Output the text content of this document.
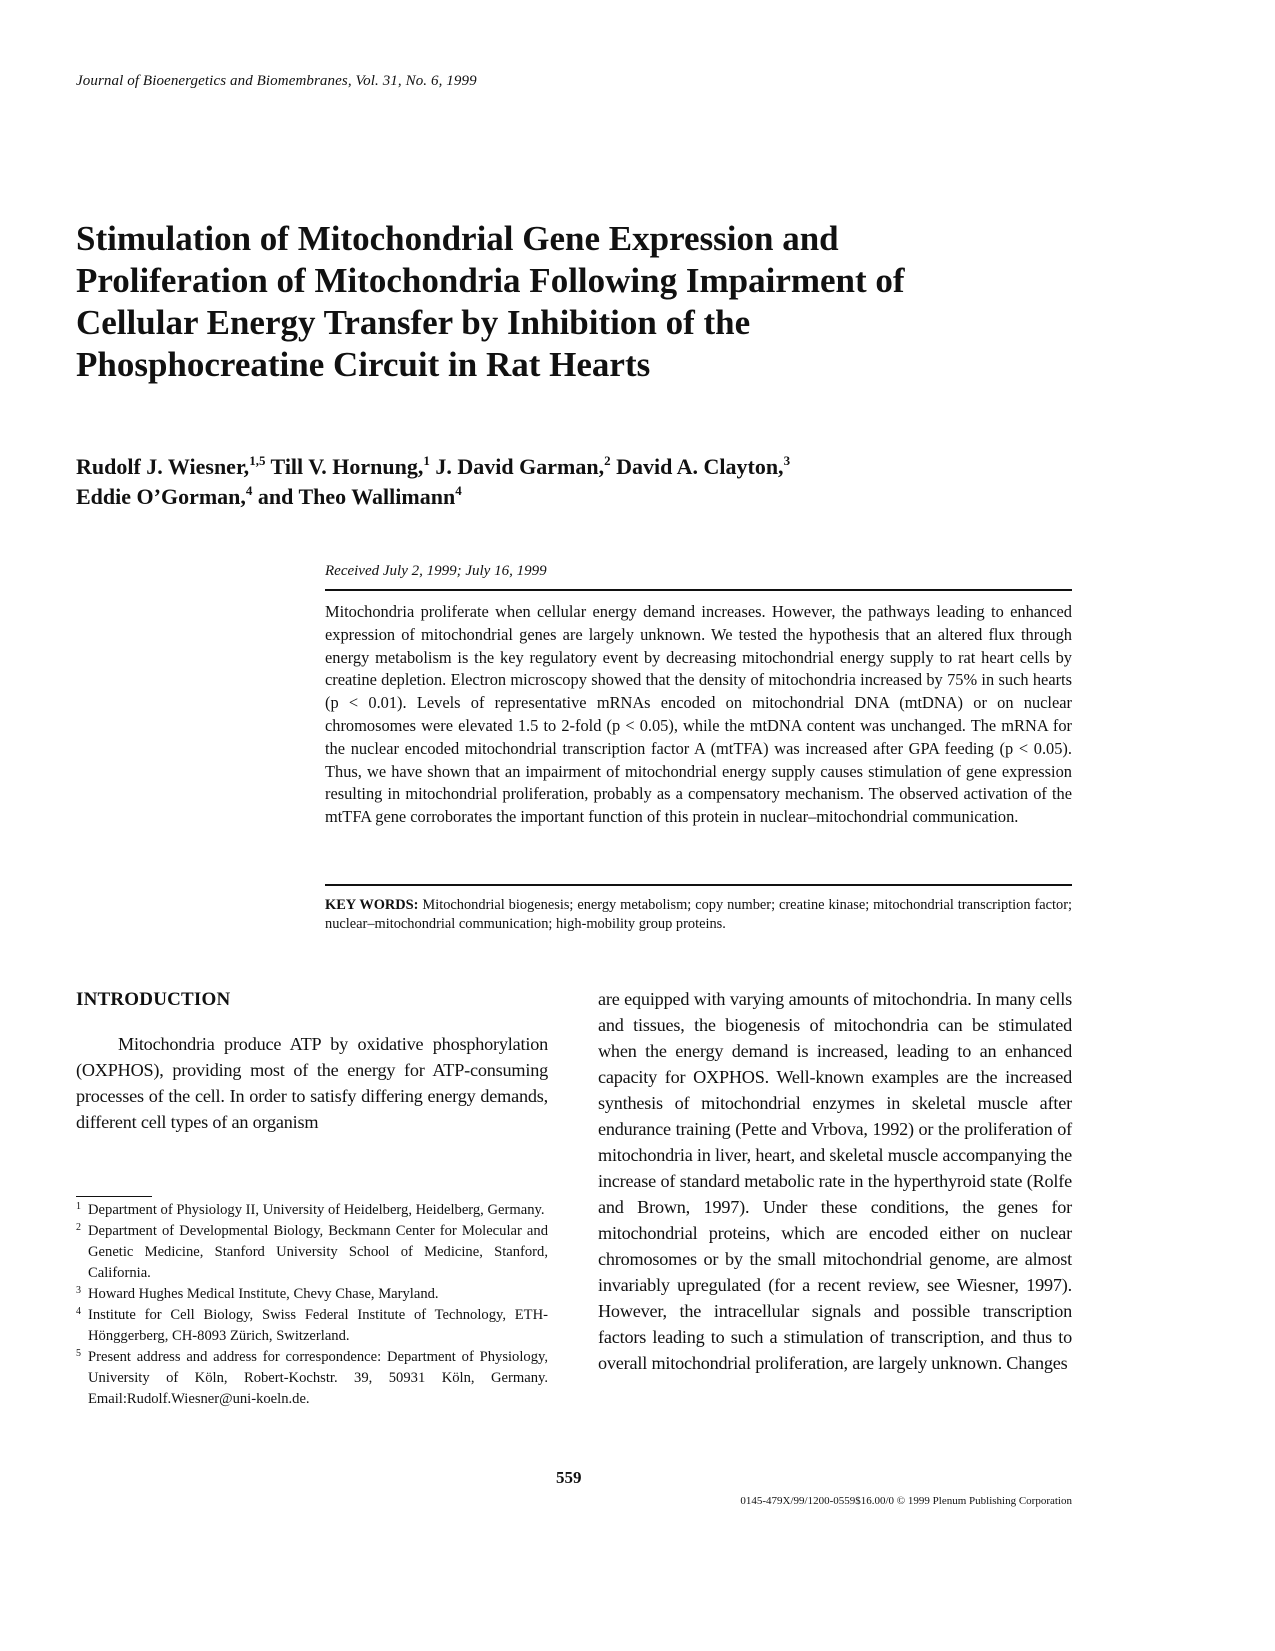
Journal of Bioenergetics and Biomembranes, Vol. 31, No. 6, 1999
Stimulation of Mitochondrial Gene Expression and
Proliferation of Mitochondria Following Impairment of
Cellular Energy Transfer by Inhibition of the
Phosphocreatine Circuit in Rat Hearts
Rudolf J. Wiesner,$^{1,5}$ Till V. Hornung,$^1$ J. David Garman,$^2$ David A. Clayton,$^3$
Eddie O’Gorman,$^4$ and Theo Wallimann$^4$
Received July 2, 1999; July 16, 1999

Mitochondria proliferate when cellular energy demand increases. However, the pathways leading to enhanced expression of mitochondrial genes are largely unknown. We tested the hypothesis that an altered flux through energy metabolism is the key regulatory event by decreasing mitochondrial energy supply to rat heart cells by creatine depletion. Electron microscopy showed that the density of mitochondria increased by 75% in such hearts (p < 0.01). Levels of representative mRNAs encoded on mitochondrial DNA (mtDNA) or on nuclear chromosomes were elevated 1.5 to 2-fold (p < 0.05), while the mtDNA content was unchanged. The mRNA for the nuclear encoded mitochondrial transcription factor A (mtTFA) was increased after GPA feeding (p < 0.05). Thus, we have shown that an impairment of mitochondrial energy supply causes stimulation of gene expression resulting in mitochondrial proliferation, probably as a compensatory mechanism. The observed activation of the mtTFA gene corroborates the important function of this protein in nuclear–mitochondrial communication.

KEY WORDS: Mitochondrial biogenesis; energy metabolism; copy number; creatine kinase; mitochondrial transcription factor; nuclear–mitochondrial communication; high-mobility group proteins.

INTRODUCTION

Mitochondria produce ATP by oxidative phosphorylation (OXPHOS), providing most of the energy for ATP-consuming processes of the cell. In order to satisfy differing energy demands, different cell types of an organism

1 Department of Physiology II, University of Heidelberg, Heidelberg, Germany.
2 Department of Developmental Biology, Beckmann Center for Molecular and Genetic Medicine, Stanford University School of Medicine, Stanford, California.
3 Howard Hughes Medical Institute, Chevy Chase, Maryland.
4 Institute for Cell Biology, Swiss Federal Institute of Technology, ETH-Hönggerberg, CH-8093 Zürich, Switzerland.
5 Present address and address for correspondence: Department of Physiology, University of Köln, Robert-Kochstr. 39, 50931 Köln, Germany. Email:Rudolf.Wiesner@uni-koeln.de.

are equipped with varying amounts of mitochondria. In many cells and tissues, the biogenesis of mitochondria can be stimulated when the energy demand is increased, leading to an enhanced capacity for OXPHOS. Well-known examples are the increased synthesis of mitochondrial enzymes in skeletal muscle after endurance training (Pette and Vrbova, 1992) or the proliferation of mitochondria in liver, heart, and skeletal muscle accompanying the increase of standard metabolic rate in the hyperthyroid state (Rolfe and Brown, 1997). Under these conditions, the genes for mitochondrial proteins, which are encoded either on nuclear chromosomes or by the small mitochondrial genome, are almost invariably upregulated (for a recent review, see Wiesner, 1997). However, the intracellular signals and possible transcription factors leading to such a stimulation of transcription, and thus to overall mitochondrial proliferation, are largely unknown. Changes

559
0145-479X/99/1200-0559$16.00/0 © 1999 Plenum Publishing Corporation
